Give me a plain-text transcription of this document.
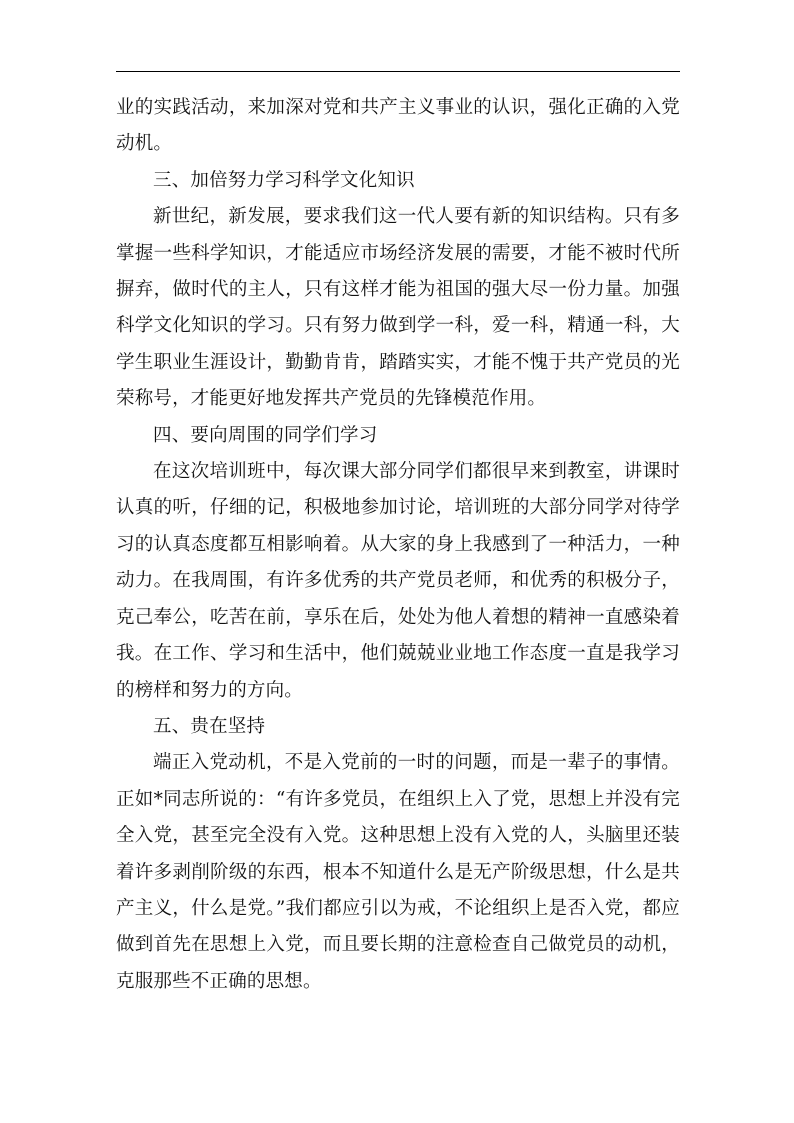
业的实践活动，来加深对党和共产主义事业的认识，强化正确的入党动机。

三、加倍努力学习科学文化知识

新世纪，新发展，要求我们这一代人要有新的知识结构。只有多掌握一些科学知识，才能适应市场经济发展的需要，才能不被时代所摒弃，做时代的主人，只有这样才能为祖国的强大尽一份力量。加强科学文化知识的学习。只有努力做到学一科，爱一科，精通一科，大学生职业生涯设计，勤勤肯肯，踏踏实实，才能不愧于共产党员的光荣称号，才能更好地发挥共产党员的先锋模范作用。

四、要向周围的同学们学习

在这次培训班中，每次课大部分同学们都很早来到教室，讲课时认真的听，仔细的记，积极地参加讨论，培训班的大部分同学对待学习的认真态度都互相影响着。从大家的身上我感到了一种活力，一种动力。在我周围，有许多优秀的共产党员老师，和优秀的积极分子，克己奉公，吃苦在前，享乐在后，处处为他人着想的精神一直感染着我。在工作、学习和生活中，他们兢兢业业地工作态度一直是我学习的榜样和努力的方向。

五、贵在坚持

端正入党动机，不是入党前的一时的问题，而是一辈子的事情。正如*同志所说的：“有许多党员，在组织上入了党，思想上并没有完全入党，甚至完全没有入党。这种思想上没有入党的人，头脑里还装着许多剥削阶级的东西，根本不知道什么是无产阶级思想，什么是共产主义，什么是党。”我们都应引以为戒，不论组织上是否入党，都应做到首先在思想上入党，而且要长期的注意检查自己做党员的动机，克服那些不正确的思想。
